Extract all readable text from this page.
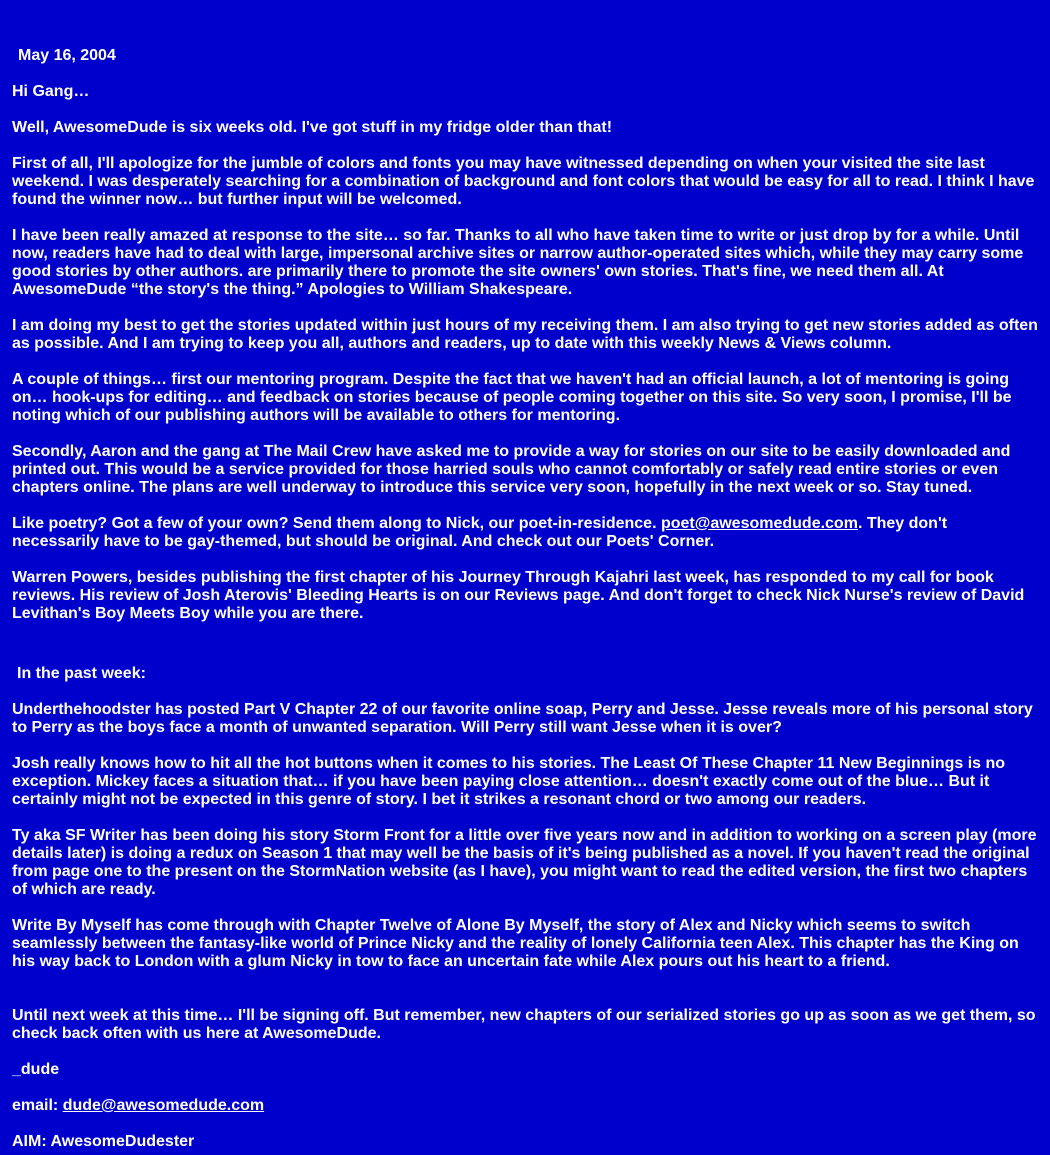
May 16, 2004

Hi Gang…

Well, AwesomeDude is six weeks old. I've got stuff in my fridge older than that!

First of all, I'll apologize for the jumble of colors and fonts you may have witnessed depending on when your visited the site last weekend. I was desperately searching for a combination of background and font colors that would be easy for all to read. I think I have found the winner now… but further input will be welcomed.

I have been really amazed at response to the site… so far. Thanks to all who have taken time to write or just drop by for a while. Until now, readers have had to deal with large, impersonal archive sites or narrow author-operated sites which, while they may carry some good stories by other authors. are primarily there to promote the site owners' own stories. That's fine, we need them all. At AwesomeDude “the story's the thing.” Apologies to William Shakespeare.

I am doing my best to get the stories updated within just hours of my receiving them. I am also trying to get new stories added as often as possible. And I am trying to keep you all, authors and readers, up to date with this weekly News & Views column.

A couple of things… first our mentoring program. Despite the fact that we haven't had an official launch, a lot of mentoring is going on… hook-ups for editing… and feedback on stories because of people coming together on this site. So very soon, I promise, I'll be noting which of our publishing authors will be available to others for mentoring.

Secondly, Aaron and the gang at The Mail Crew have asked me to provide a way for stories on our site to be easily downloaded and printed out. This would be a service provided for those harried souls who cannot comfortably or safely read entire stories or even chapters online. The plans are well underway to introduce this service very soon, hopefully in the next week or so. Stay tuned.

Like poetry? Got a few of your own? Send them along to Nick, our poet-in-residence. poet@awesomedude.com. They don't necessarily have to be gay-themed, but should be original. And check out our Poets' Corner.

Warren Powers, besides publishing the first chapter of his Journey Through Kajahri last week, has responded to my call for book reviews. His review of Josh Aterovis' Bleeding Hearts is on our Reviews page. And don't forget to check Nick Nurse's review of David Levithan's Boy Meets Boy while you are there.

In the past week:

Underthehoodster has posted Part V Chapter 22 of our favorite online soap, Perry and Jesse. Jesse reveals more of his personal story to Perry as the boys face a month of unwanted separation. Will Perry still want Jesse when it is over?

Josh really knows how to hit all the hot buttons when it comes to his stories. The Least Of These Chapter 11 New Beginnings is no exception. Mickey faces a situation that… if you have been paying close attention… doesn't exactly come out of the blue… But it certainly might not be expected in this genre of story. I bet it strikes a resonant chord or two among our readers.

Ty aka SF Writer has been doing his story Storm Front for a little over five years now and in addition to working on a screen play (more details later) is doing a redux on Season 1 that may well be the basis of it's being published as a novel. If you haven't read the original from page one to the present on the StormNation website (as I have), you might want to read the edited version, the first two chapters of which are ready.

Write By Myself has come through with Chapter Twelve of Alone By Myself, the story of Alex and Nicky which seems to switch seamlessly between the fantasy-like world of Prince Nicky and the reality of lonely California teen Alex. This chapter has the King on his way back to London with a glum Nicky in tow to face an uncertain fate while Alex pours out his heart to a friend.

Until next week at this time… I'll be signing off. But remember, new chapters of our serialized stories go up as soon as we get them, so check back often with us here at AwesomeDude.

_dude

email: dude@awesomedude.com

AIM: AwesomeDudester
